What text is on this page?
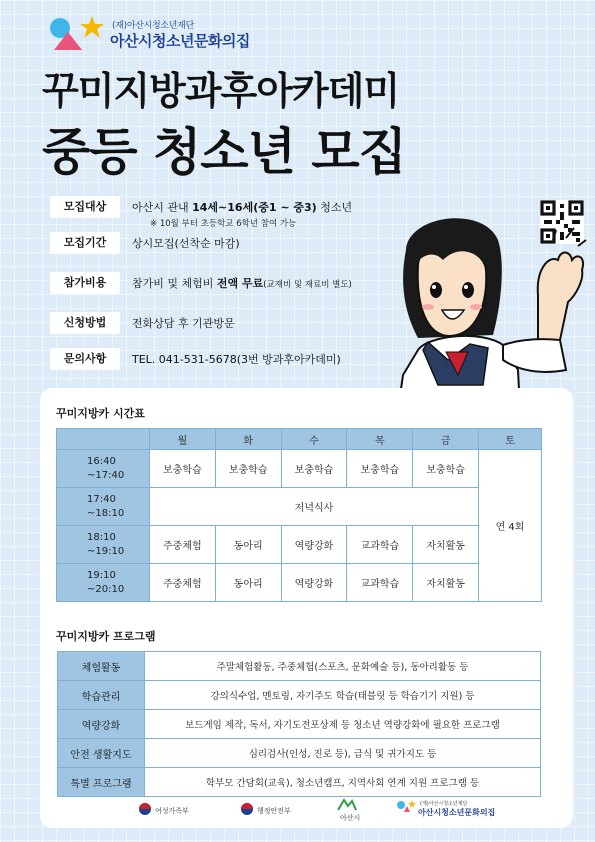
(재)아산시청소년재단
아산시청소년문화의집
꾸미지방과후아카데미
중등 청소년 모집
모집대상	아산시 관내 14세~16세(중1 ~ 중3) 청소년
※ 10월 부터 초등학교 6학년 참여 가능
모집기간	상시모집(선착순 마감)
참가비용	참가비 및 체험비 전액 무료(교재비 및 재료비 별도)
신청방법	전화상담 후 기관방문
문의사항	TEL. 041-531-5678(3번 방과후아카데미)
꾸미지방카 시간표
	월	화	수	목	금	토
16:40
~17:40	보충학습	보충학습	보충학습	보충학습	보충학습	연 4회
17:40
~18:10	저녁식사					
18:10
~19:10	주중체험	동아리	역량강화	교과학습	자치활동	
19:10
~20:10	주중체험	동아리	역량강화	교과학습	자치활동	
꾸미지방카 프로그램
체험활동	주말체험활동, 주중체험(스포츠, 문화예술 등), 동아리활동 등
학습관리	강의식수업, 멘토링, 자기주도 학습(태블릿 등 학습기기 지원) 등
역량강화	보드게임 제작, 독서, 자기도전포상제 등 청소년 역량강화에 필요한 프로그램
안전 생활지도	심리검사(인성, 진로 등), 급식 및 귀가지도 등
특별 프로그램	학부모 간담회(교육), 청소년캠프, 지역사회 연계 지원 프로그램 등
여성가족부	행정안전부
아산시
(재)아산시청소년재단
아산시청소년문화의집
